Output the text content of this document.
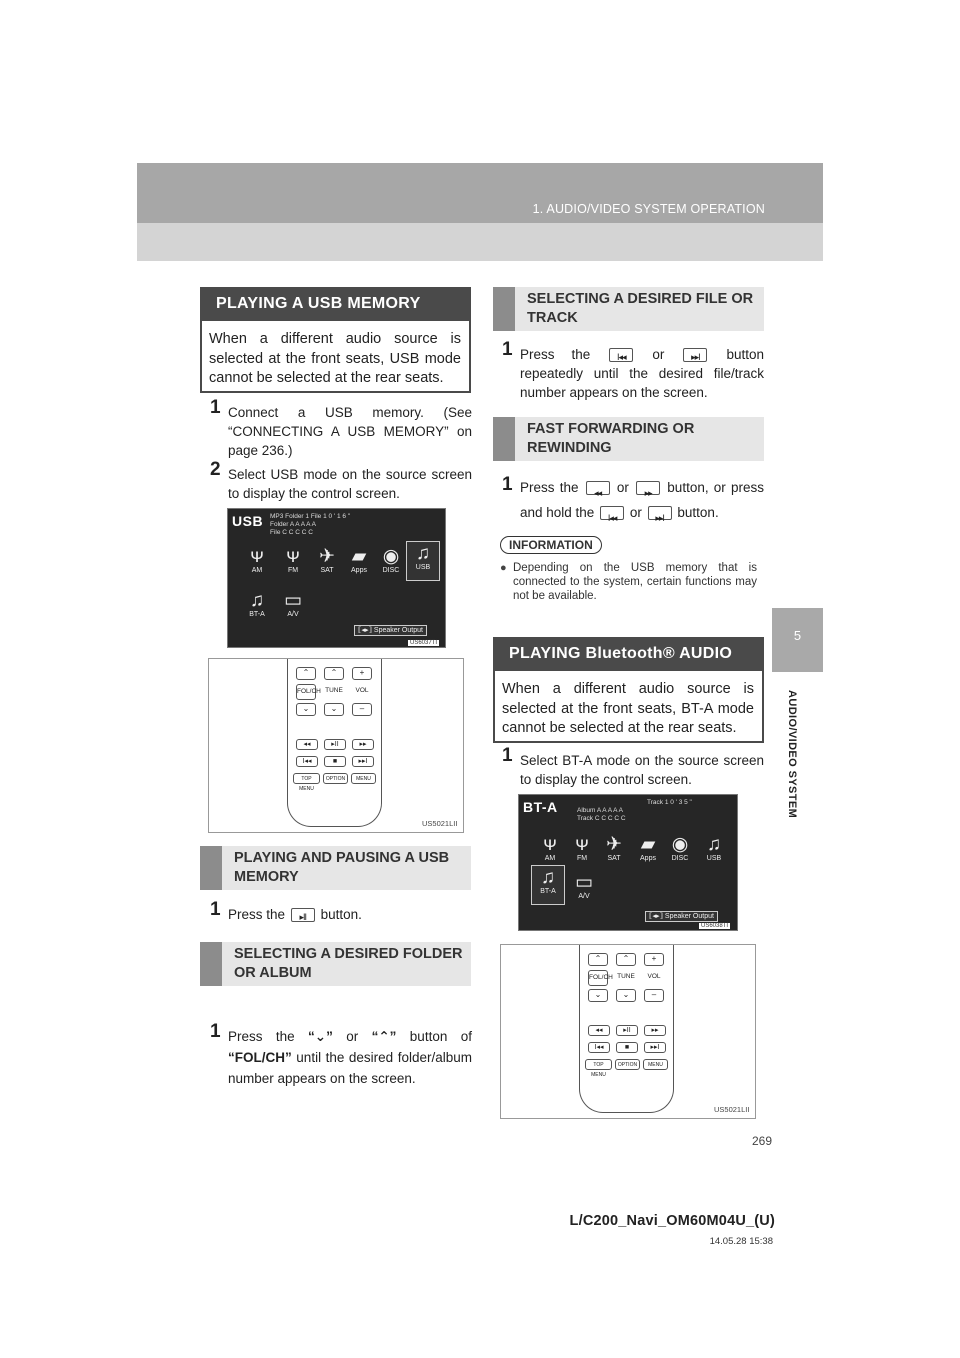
1. AUDIO/VIDEO SYSTEM OPERATION
5
AUDIO/VIDEO SYSTEM
PLAYING A USB MEMORY
When a different audio source is selected at the front seats, USB mode cannot be selected at the rear seats.
1 Connect a USB memory. (See “CONNECTING A USB MEMORY” on page 236.)
2 Select USB mode on the source screen to display the control screen.
USB MP3 Folder 1 File 1 0 ' 1 6 "
Folder A A A A A
File C C C C C
ᴪ
AM
ᴪ
FM
✈
SAT
▰
Apps
◉
DISC
♫
USB
♫
BT-A
▭
A/V
⟦◂▸⟧ Speaker Output
US6037TI
⌃	⌃	+
FOL/CH TUNE	VOL
⌄	⌄	–
◂◂	▸II	▸▸
I◂◂	■	▸▸I
TOP MENU
OPTION	MENU
US5021LII
PLAYING AND PAUSING A USB MEMORY
1 Press the	▸II	button.
SELECTING A DESIRED FOLDER OR ALBUM
1 Press the “⌄” or “⌃” button of “FOL/CH” until the desired folder/album number appears on the screen.
SELECTING A DESIRED FILE OR TRACK
1 Press the	I◂◂	or	▸▸I	button repeatedly until the desired file/track number appears on the screen.
FAST FORWARDING OR REWINDING
1 Press the	◂◂	or	▸▸	button, or press and hold the	I◂◂	or	▸▸I	button.
INFORMATION
● Depending on the USB memory that is connected to the system, certain functions may not be available.
PLAYING Bluetooth® AUDIO
When a different audio source is selected at the front seats, BT-A mode cannot be selected at the rear seats.
1 Select BT-A mode on the source screen to display the control screen.
BT-A	Track 1 0 ' 3 5 "
Album A A A A A
Track C C C C C
ᴪ
AM
ᴪ
FM
✈
SAT
▰
Apps
◉
DISC
♫
USB
♫
BT-A	▭
A/V
⟦◂▸⟧ Speaker Output
US6038TI
⌃	⌃	+
FOL/CH TUNE	VOL
⌄	⌄	–
◂◂	▸II	▸▸
I◂◂	■	▸▸I
TOP MENU
OPTION	MENU
US5021LII
269
L/C200_Navi_OM60M04U_(U)
14.05.28 15:38
